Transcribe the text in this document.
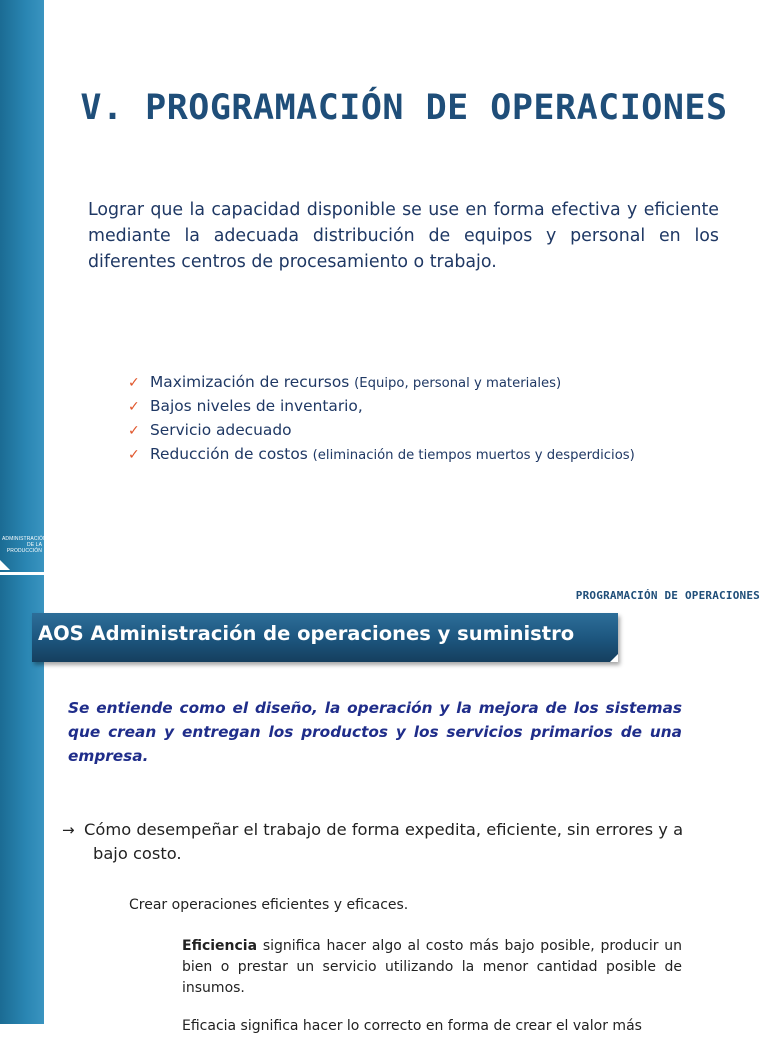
ADMINISTRACIÓN
DE LA
PRODUCCIÓN
V. PROGRAMACIÓN DE OPERACIONES
Lograr que la capacidad disponible se use en forma efectiva y eficiente mediante la adecuada distribución de equipos y personal en los diferentes centros de procesamiento o trabajo.
✓ Maximización de recursos (Equipo, personal y materiales)
✓ Bajos niveles de inventario,
✓ Servicio adecuado
✓ Reducción de costos (eliminación de tiempos muertos y desperdicios)
PROGRAMACIÓN DE OPERACIONES
AOS Administración de operaciones y suministro
Se entiende como el diseño, la operación y la mejora de los sistemas que crean y entregan los productos y los servicios primarios de una empresa.
→ Cómo desempeñar el trabajo de forma expedita, eficiente, sin errores y a
bajo costo.
Crear operaciones eficientes y eficaces.
Eficiencia significa hacer algo al costo más bajo posible, producir un bien o prestar un servicio utilizando la menor cantidad posible de insumos.
Eficacia significa hacer lo correcto en forma de crear el valor más
